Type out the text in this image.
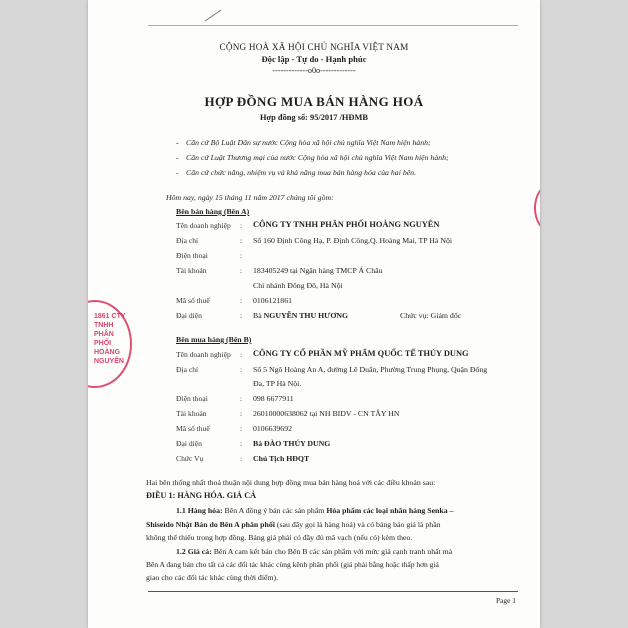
CỘNG HOÀ XÃ HỘI CHỦ NGHĨA VIỆT NAM
Độc lập - Tự do - Hạnh phúc
-------------o0o-------------
HỢP ĐỒNG MUA BÁN HÀNG HOÁ
Hợp đồng số: 95/2017 /HĐMB
- Căn cứ Bộ Luật Dân sự nước Cộng hòa xã hội chủ nghĩa Việt Nam hiện hành;
- Căn cứ Luật Thương mại của nước Cộng hòa xã hội chủ nghĩa Việt Nam hiện hành;
- Căn cứ chức năng, nhiệm vụ và khả năng mua bán hàng hóa của hai bên.
Hôm nay, ngày 15 tháng 11 năm 2017 chúng tôi gồm:
Bên bán hàng (Bên A)
Tên doanh nghiệp : CÔNG TY TNHH PHÂN PHỐI HOÀNG NGUYÊN
Địa chỉ	: Số 160 Định Công Hạ, P. Định Công,Q. Hoàng Mai, TP Hà Nội
Điện thoại	:
Tài khoản	: 183405249 tại Ngân hàng TMCP Á Châu
Chi nhánh Đông Đô, Hà Nội
Mã số thuế	: 0106121861
Đại diện	: Bà NGUYỄN THU HƯƠNG	Chức vụ: Giám đốc
Bên mua hàng (Bên B)
Tên doanh nghiệp : CÔNG TY CỔ PHẦN MỸ PHẨM QUỐC TẾ THÚY DUNG
Địa chỉ	: Số 5 Ngõ Hoàng An A, đường Lê Duẩn, Phường Trung Phụng, Quận Đống
Đa, TP Hà Nội.
Điện thoại	: 098 6677911
Tài khoản	: 26010000638062 tại NH BIDV - CN TÂY HN
Mã số thuế	: 0106639692
Đại diện	: Bà ĐÀO THÚY DUNG
Chức Vụ	: Chủ Tịch HĐQT
Hai bên thống nhất thoả thuận nội dung hợp đồng mua bán hàng hoá với các điều khoản sau:
ĐIỀU 1: HÀNG HÓA. GIÁ CẢ
1.1 Hàng hóa: Bên A đồng ý bán các sản phẩm Hóa phẩm các loại nhãn hàng Senka –
Shiseido Nhật Bản do Bên A phân phối (sau đây gọi là hàng hoá) và có bảng báo giá là phần
không thể thiếu trong hợp đồng. Bảng giá phải có đầy đủ mã vạch (nếu có) kèm theo.
1.2 Giá cả: Bên A cam kết bán cho Bên B các sản phẩm với mức giá cạnh tranh nhất mà
Bên A đang bán cho tất cả các đối tác khác cùng kênh phân phối (giá phải bằng hoặc thấp hơn giá
giao cho các đối tác khác cùng thời điểm).
Page 1
1861 CTY TNHH PHÂN PHỐI HOÀNG NGUYÊN
